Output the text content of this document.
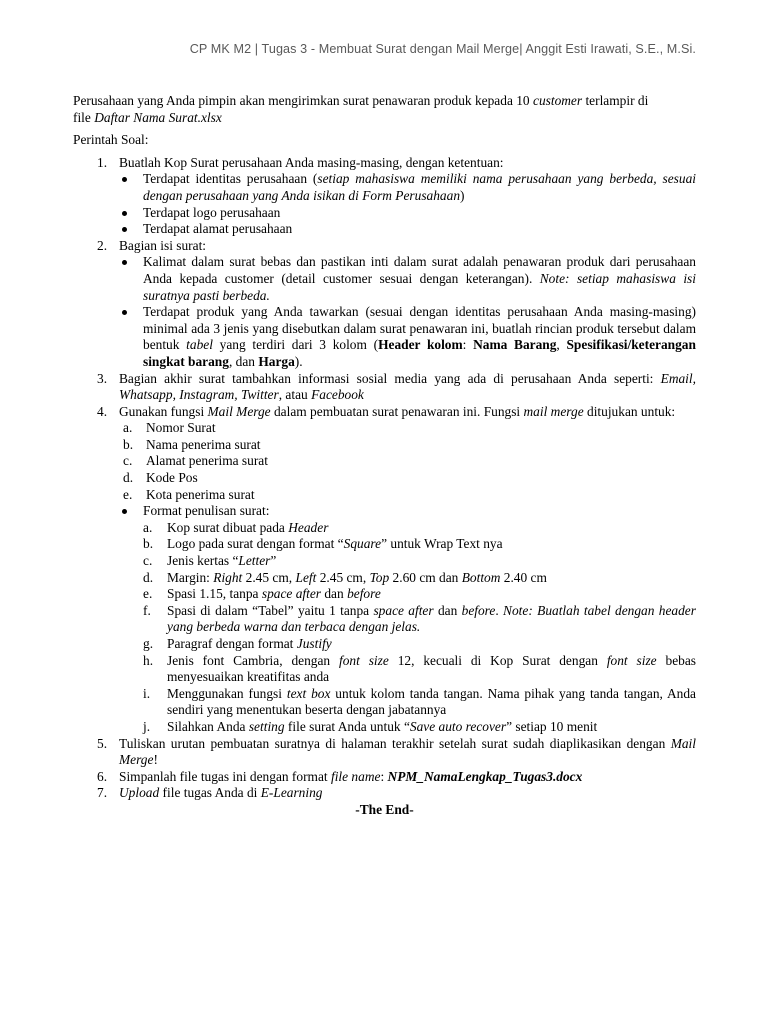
CP MK M2 | Tugas 3 - Membuat Surat dengan Mail Merge| Anggit Esti Irawati, S.E., M.Si.
Perusahaan yang Anda pimpin akan mengirimkan surat penawaran produk kepada 10 customer terlampir di
file Daftar Nama Surat.xlsx
Perintah Soal:
1. Buatlah Kop Surat perusahaan Anda masing-masing, dengan ketentuan:
Terdapat identitas perusahaan (setiap mahasiswa memiliki nama perusahaan yang berbeda, sesuai dengan perusahaan yang Anda isikan di Form Perusahaan)
Terdapat logo perusahaan
Terdapat alamat perusahaan
2. Bagian isi surat:
Kalimat dalam surat bebas dan pastikan inti dalam surat adalah penawaran produk dari perusahaan Anda kepada customer (detail customer sesuai dengan keterangan). Note: setiap mahasiswa isi suratnya pasti berbeda.
Terdapat produk yang Anda tawarkan (sesuai dengan identitas perusahaan Anda masing-masing) minimal ada 3 jenis yang disebutkan dalam surat penawaran ini, buatlah rincian produk tersebut dalam bentuk tabel yang terdiri dari 3 kolom (Header kolom: Nama Barang, Spesifikasi/keterangan singkat barang, dan Harga).
3. Bagian akhir surat tambahkan informasi sosial media yang ada di perusahaan Anda seperti: Email, Whatsapp, Instagram, Twitter, atau Facebook
4. Gunakan fungsi Mail Merge dalam pembuatan surat penawaran ini. Fungsi mail merge ditujukan untuk:
a. Nomor Surat
b. Nama penerima surat
c. Alamat penerima surat
d. Kode Pos
e. Kota penerima surat
Format penulisan surat:
a. Kop surat dibuat pada Header
b. Logo pada surat dengan format “Square” untuk Wrap Text nya
c. Jenis kertas “Letter”
d. Margin: Right 2.45 cm, Left 2.45 cm, Top 2.60 cm dan Bottom 2.40 cm
e. Spasi 1.15, tanpa space after dan before
f. Spasi di dalam “Tabel” yaitu 1 tanpa space after dan before. Note: Buatlah tabel dengan header yang berbeda warna dan terbaca dengan jelas.
g. Paragraf dengan format Justify
h. Jenis font Cambria, dengan font size 12, kecuali di Kop Surat dengan font size bebas menyesuaikan kreatifitas anda
i. Menggunakan fungsi text box untuk kolom tanda tangan. Nama pihak yang tanda tangan, Anda sendiri yang menentukan beserta dengan jabatannya
j. Silahkan Anda setting file surat Anda untuk “Save auto recover” setiap 10 menit
5. Tuliskan urutan pembuatan suratnya di halaman terakhir setelah surat sudah diaplikasikan dengan Mail Merge!
6. Simpanlah file tugas ini dengan format file name: NPM_NamaLengkap_Tugas3.docx
7. Upload file tugas Anda di E-Learning
-The End-
